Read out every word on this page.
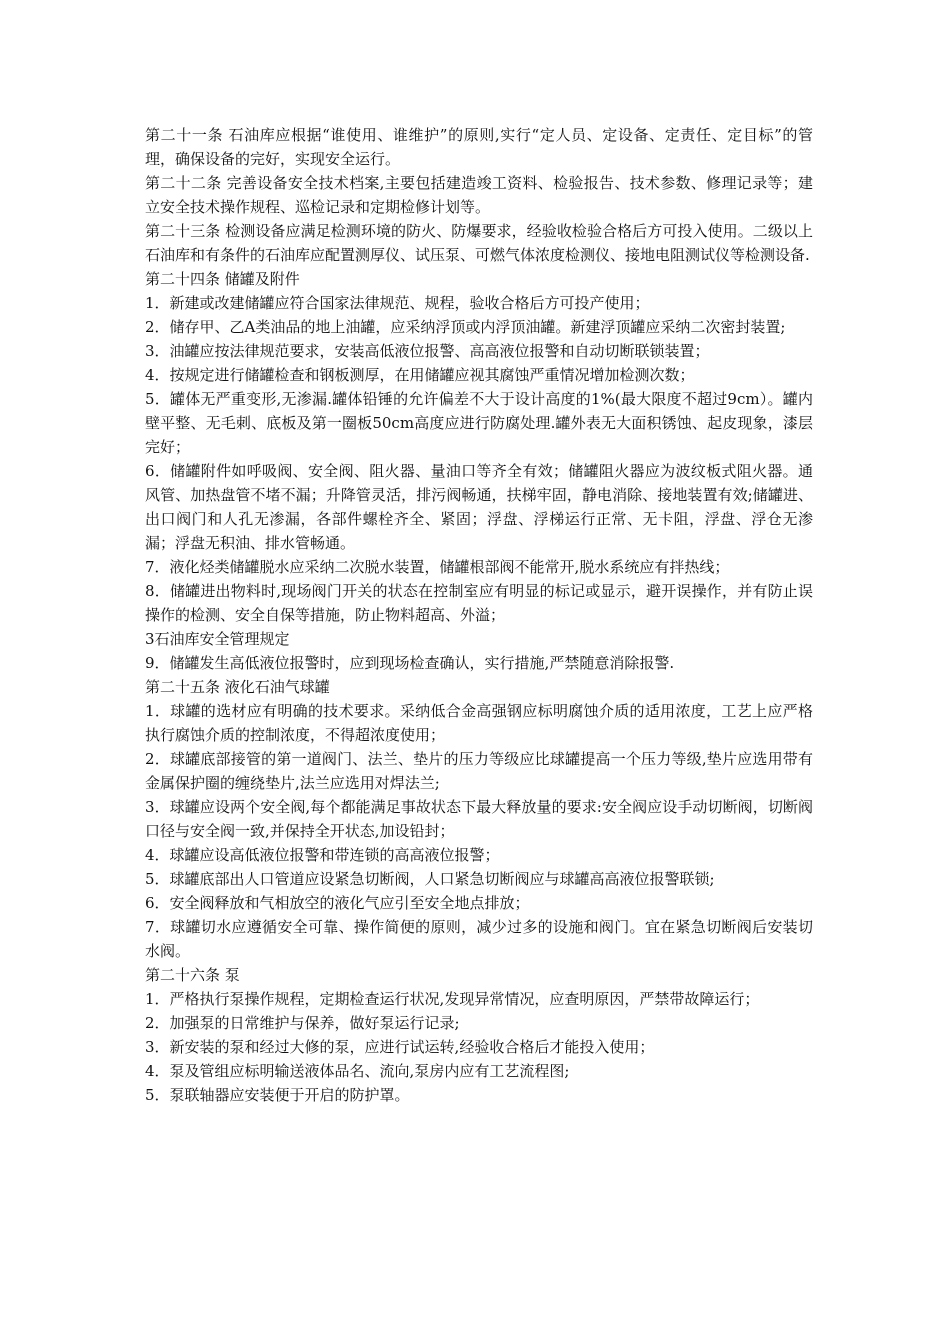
第二十一条 石油库应根据“谁使用、谁维护”的原则,实行“定人员、定设备、定责任、定目标”的管理，确保设备的完好，实现安全运行。

第二十二条 完善设备安全技术档案,主要包括建造竣工资料、检验报告、技术参数、修理记录等；建立安全技术操作规程、巡检记录和定期检修计划等。

第二十三条 检测设备应满足检测环境的防火、防爆要求，经验收检验合格后方可投入使用。二级以上石油库和有条件的石油库应配置测厚仪、试压泵、可燃气体浓度检测仪、接地电阻测试仪等检测设备.

第二十四条 储罐及附件

1．新建或改建储罐应符合国家法律规范、规程，验收合格后方可投产使用；

2．储存甲、乙A类油品的地上油罐，应采纳浮顶或内浮顶油罐。新建浮顶罐应采纳二次密封装置;

3．油罐应按法律规范要求，安装高低液位报警、高高液位报警和自动切断联锁装置；

4．按规定进行储罐检查和钢板测厚，在用储罐应视其腐蚀严重情况增加检测次数；

5．罐体无严重变形,无渗漏.罐体铅锤的允许偏差不大于设计高度的1%(最大限度不超过9cm）。罐内壁平整、无毛刺、底板及第一圈板50cm高度应进行防腐处理.罐外表无大面积锈蚀、起皮现象，漆层完好；

6．储罐附件如呼吸阀、安全阀、阻火器、量油口等齐全有效；储罐阻火器应为波纹板式阻火器。通风管、加热盘管不堵不漏；升降管灵活，排污阀畅通，扶梯牢固，静电消除、接地装置有效;储罐进、出口阀门和人孔无渗漏，各部件螺栓齐全、紧固；浮盘、浮梯运行正常、无卡阻，浮盘、浮仓无渗漏；浮盘无积油、排水管畅通。

7．液化烃类储罐脱水应采纳二次脱水装置，储罐根部阀不能常开,脱水系统应有拌热线；

8．储罐进出物料时,现场阀门开关的状态在控制室应有明显的标记或显示，避开误操作，并有防止误操作的检测、安全自保等措施，防止物料超高、外溢；

3石油库安全管理规定

9．储罐发生高低液位报警时，应到现场检查确认，实行措施,严禁随意消除报警.

第二十五条 液化石油气球罐

1．球罐的选材应有明确的技术要求。采纳低合金高强钢应标明腐蚀介质的适用浓度，工艺上应严格执行腐蚀介质的控制浓度，不得超浓度使用；

2．球罐底部接管的第一道阀门、法兰、垫片的压力等级应比球罐提高一个压力等级,垫片应选用带有金属保护圈的缠绕垫片,法兰应选用对焊法兰;

3．球罐应设两个安全阀,每个都能满足事故状态下最大释放量的要求:安全阀应设手动切断阀，切断阀口径与安全阀一致,并保持全开状态,加设铅封；

4．球罐应设高低液位报警和带连锁的高高液位报警；

5．球罐底部出人口管道应设紧急切断阀，人口紧急切断阀应与球罐高高液位报警联锁;

6．安全阀释放和气相放空的液化气应引至安全地点排放；

7．球罐切水应遵循安全可靠、操作简便的原则，减少过多的设施和阀门。宜在紧急切断阀后安装切水阀。

第二十六条 泵

1．严格执行泵操作规程，定期检查运行状况,发现异常情况，应查明原因，严禁带故障运行；

2．加强泵的日常维护与保养，做好泵运行记录;

3．新安装的泵和经过大修的泵，应进行试运转,经验收合格后才能投入使用；

4．泵及管组应标明输送液体品名、流向,泵房内应有工艺流程图;

5．泵联轴器应安装便于开启的防护罩。
